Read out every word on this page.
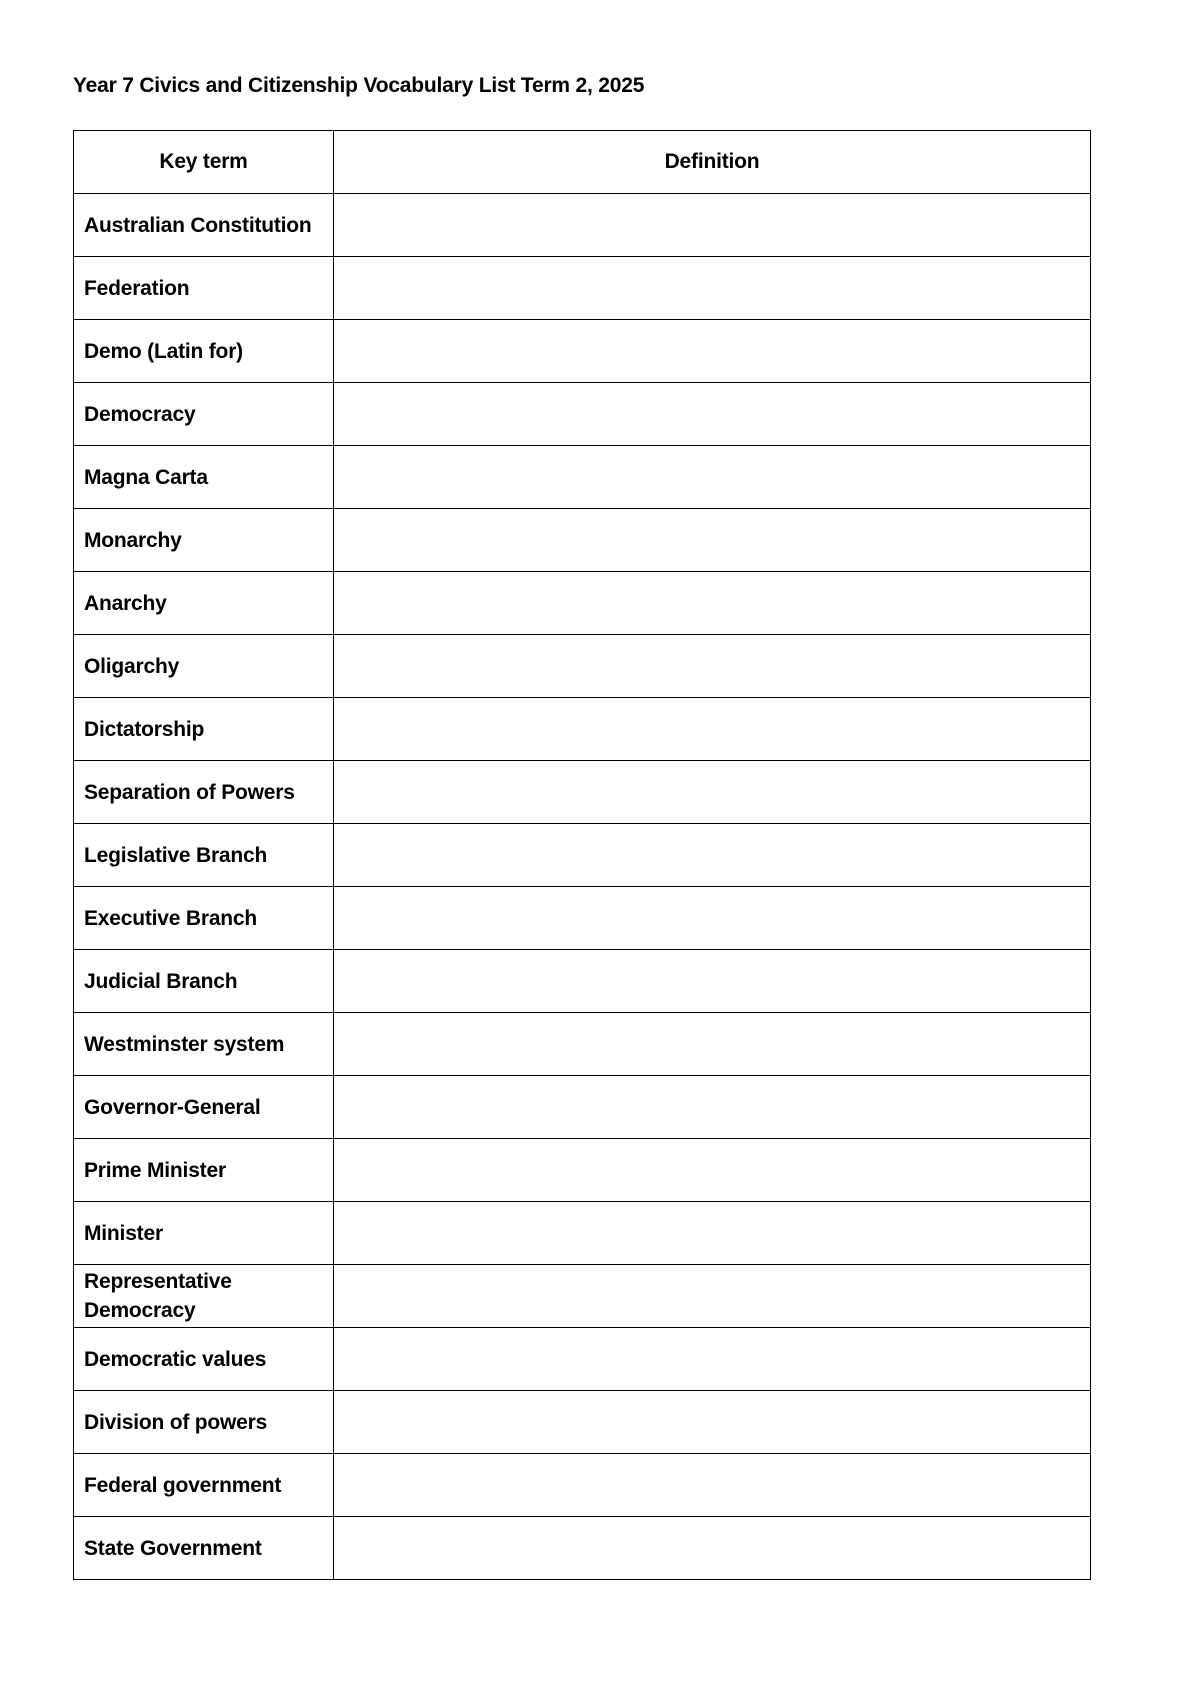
Year 7 Civics and Citizenship Vocabulary List Term 2, 2025
Key term	Definition
Australian Constitution	
Federation	
Demo (Latin for)	
Democracy	
Magna Carta	
Monarchy	
Anarchy	
Oligarchy	
Dictatorship	
Separation of Powers	
Legislative Branch	
Executive Branch	
Judicial Branch	
Westminster system	
Governor-General	
Prime Minister	
Minister	
Representative Democracy	
Democratic values	
Division of powers	
Federal government	
State Government	
